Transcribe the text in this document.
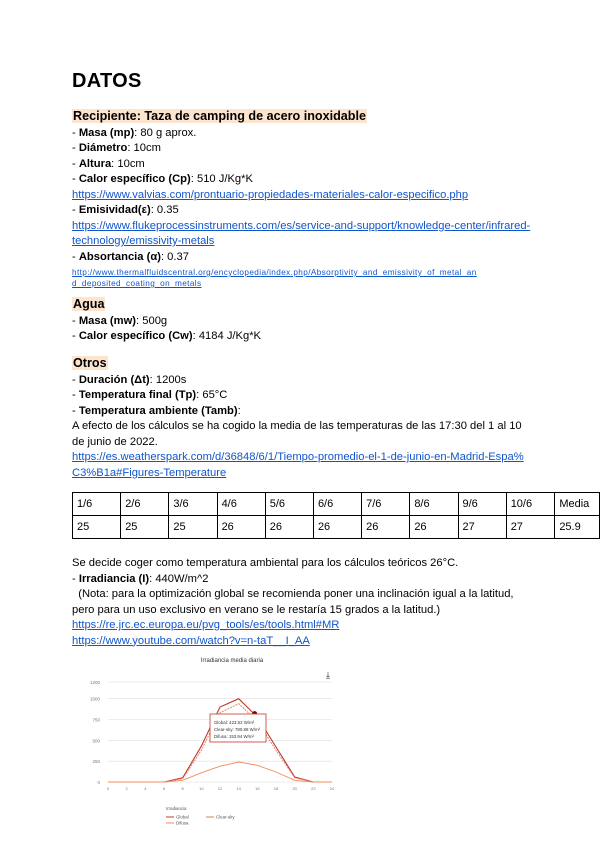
DATOS
Recipiente: Taza de camping de acero inoxidable
- Masa (mp): 80 g aprox.
- Diámetro: 10cm
- Altura: 10cm
- Calor específico (Cp): 510 J/Kg*K
https://www.valvias.com/prontuario-propiedades-materiales-calor-especifico.php
- Emisividad(ε): 0.35
https://www.flukeprocessinstruments.com/es/service-and-support/knowledge-center/infrared-
technology/emissivity-metals
- Absortancia (α): 0.37
http://www.thermalfluidscentral.org/encyclopedia/index.php/Absorptivity_and_emissivity_of_metal_an
d_deposited_coating_on_metals
Agua
- Masa (mw): 500g
- Calor específico (Cw): 4184 J/Kg*K
Otros
- Duración (Δt): 1200s
- Temperatura final (Tp): 65°C
- Temperatura ambiente (Tamb):
A efecto de los cálculos se ha cogido la media de las temperaturas de las 17:30 del 1 al 10
de junio de 2022.
https://es.weatherspark.com/d/36848/6/1/Tiempo-promedio-el-1-de-junio-en-Madrid-Espa%
C3%B1a#Figures-Temperature
1/6	2/6	3/6	4/6	5/6	6/6	7/6	8/6	9/6	10/6	Media
25	25	25	26	26	26	26	26	27	27	25.9
Se decide coger como temperatura ambiental para los cálculos teóricos 26°C.
- Irradiancia (I): 440W/m^2
(Nota: para la optimización global se recomienda poner una inclinación igual a la latitud,
pero para un uso exclusivo en verano se le restaría 15 grados a la latitud.)
https://re.jrc.ec.europa.eu/pvg_tools/es/tools.html#MR
https://www.youtube.com/watch?v=n-taT__I_AA
Irradiancia media diaria
⤓
1200
1000
750
500
250
0
0	2	4	6	8	10	12	14	16	18	20	22	24
Global: 423.52 W/m²
Clear-sky: 780.88 W/m²
Difusa: 153.94 W/m²
Irradiancia
Global	Clear-sky
Difusa
